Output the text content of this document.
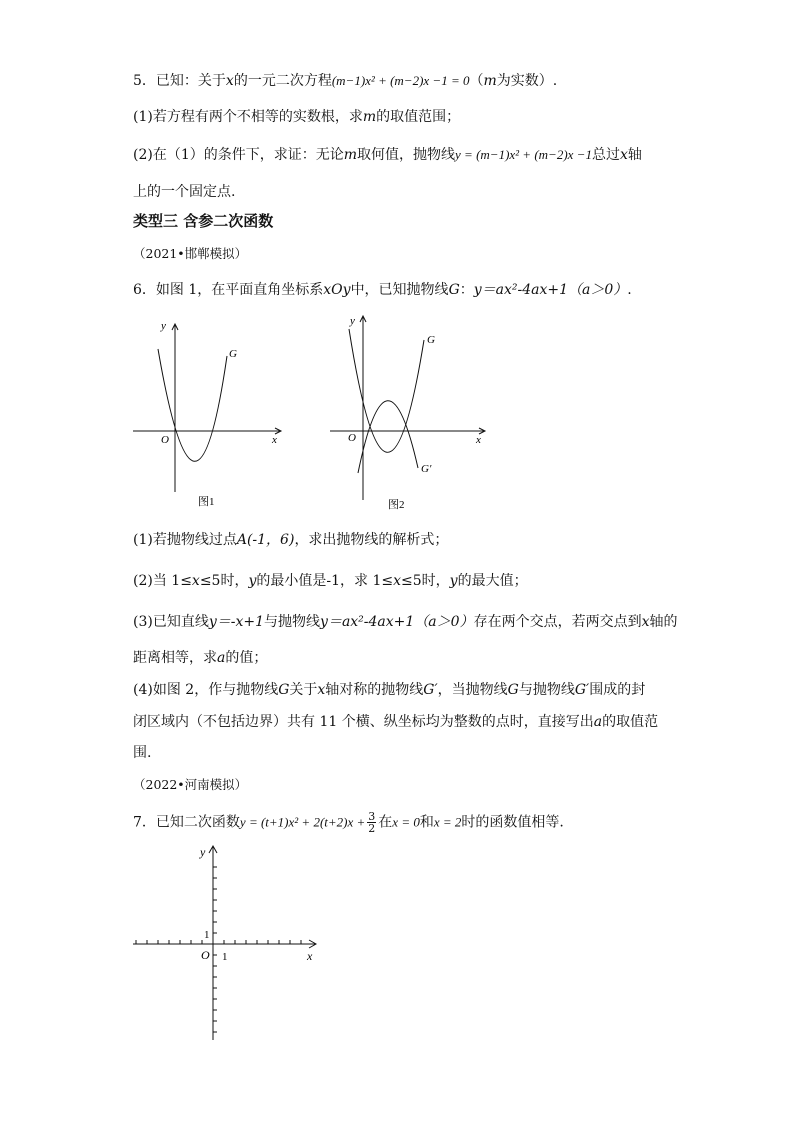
5．已知：关于x的一元二次方程(m−1)x² + (m−2)x −1 = 0（m为实数）.
(1)若方程有两个不相等的实数根，求m的取值范围；
(2)在（1）的条件下，求证：无论m取何值，抛物线y = (m−1)x² + (m−2)x −1总过x轴
上的一个固定点.
类型三 含参二次函数
（2021•邯郸模拟）
6．如图 1，在平面直角坐标系xOy中，已知抛物线G：y＝ax²-4ax+1（a＞0）.
y
x
O
G
图1
y
x
O
G
G′
图2
(1)若抛物线过点A(-1，6)，求出抛物线的解析式；
(2)当 1≤x≤5时，y的最小值是-1，求 1≤x≤5时，y的最大值；
(3)已知直线y＝-x+1与抛物线y＝ax²-4ax+1（a＞0）存在两个交点，若两交点到x轴的
距离相等，求a的值；
(4)如图 2，作与抛物线G关于x轴对称的抛物线G′，当抛物线G与抛物线G′围成的封
闭区域内（不包括边界）共有 11 个横、纵坐标均为整数的点时，直接写出a的取值范
围.
（2022•河南模拟）
7．已知二次函数$y = (t+1)x^2 + 2(t+2)x + \frac{3}{2}$ 在x = 0和x = 2时的函数值相等.
y
x
O 1
1
